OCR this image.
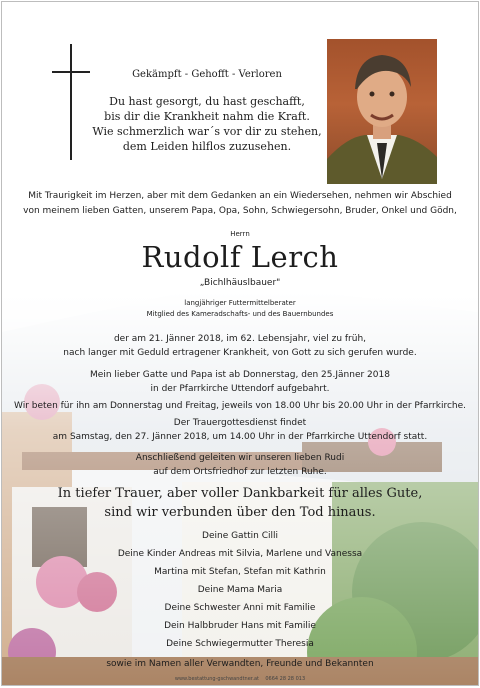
Gekämpft - Gehofft - Verloren
Du hast gesorgt, du hast geschafft,
bis dir die Krankheit nahm die Kraft.
Wie schmerzlich war´s vor dir zu stehen,
dem Leiden hilflos zuzusehen.
Mit Traurigkeit im Herzen, aber mit dem Gedanken an ein Wiedersehen, nehmen wir Abschied
von meinem lieben Gatten, unserem Papa, Opa, Sohn, Schwiegersohn, Bruder, Onkel und Gödn,
Herrn
Rudolf Lerch
„Bichlhäuslbauer"
langjähriger Futtermittelberater
Mitglied des Kameradschafts- und des Bauernbundes
der am 21. Jänner 2018, im 62. Lebensjahr, viel zu früh,
nach langer mit Geduld ertragener Krankheit, von Gott zu sich gerufen wurde.
Mein lieber Gatte und Papa ist ab Donnerstag, den 25.Jänner 2018
in der Pfarrkirche Uttendorf aufgebahrt.
Wir beten für ihn am Donnerstag und Freitag, jeweils von 18.00 Uhr bis 20.00 Uhr in der Pfarrkirche.
Der Trauergottesdienst findet
am Samstag, den 27. Jänner 2018, um 14.00 Uhr in der Pfarrkirche Uttendorf statt.
Anschließend geleiten wir unseren lieben Rudi
auf dem Ortsfriedhof zur letzten Ruhe.
In tiefer Trauer, aber voller Dankbarkeit für alles Gute,
sind wir verbunden über den Tod hinaus.
Deine Gattin Cilli
Deine Kinder Andreas mit Silvia, Marlene und Vanessa
Martina mit Stefan, Stefan mit Kathrin
Deine Mama Maria
Deine Schwester Anni mit Familie
Dein Halbbruder Hans mit Familie
Deine Schwiegermutter Theresia
sowie im Namen aller Verwandten, Freunde und Bekannten
www.bestattung-gschwandtner.at 0664 28 28 013
